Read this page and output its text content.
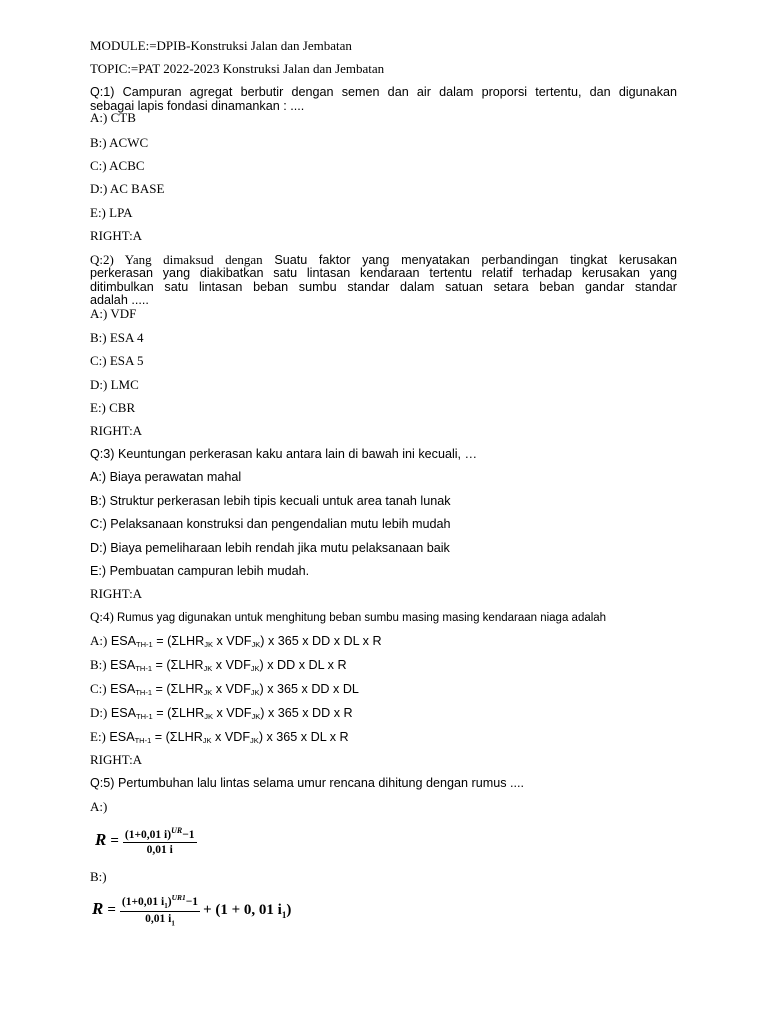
MODULE:=DPIB-Konstruksi Jalan dan Jembatan
TOPIC:=PAT 2022-2023 Konstruksi Jalan dan Jembatan
Q:1) Campuran agregat berbutir dengan semen dan air dalam proporsi tertentu, dan digunakan
sebagai lapis fondasi dinamankan : ....
A:) CTB
B:) ACWC
C:) ACBC
D:) AC BASE
E:) LPA
RIGHT:A
Q:2) Yang dimaksud dengan Suatu faktor yang menyatakan perbandingan tingkat kerusakan
perkerasan yang diakibatkan satu lintasan kendaraan tertentu relatif terhadap kerusakan yang
ditimbulkan satu lintasan beban sumbu standar dalam satuan setara beban gandar standar
adalah .....
A:) VDF
B:) ESA 4
C:) ESA 5
D:) LMC
E:) CBR
RIGHT:A
Q:3) Keuntungan perkerasan kaku antara lain di bawah ini kecuali, …
A:) Biaya perawatan mahal
B:) Struktur perkerasan lebih tipis kecuali untuk area tanah lunak
C:) Pelaksanaan konstruksi dan pengendalian mutu lebih mudah
D:) Biaya pemeliharaan lebih rendah jika mutu pelaksanaan baik
E:) Pembuatan campuran lebih mudah.
RIGHT:A
Q:4) Rumus yag digunakan untuk menghitung beban sumbu masing masing kendaraan niaga adalah
A:) $ESA_{TH-1} = (\Sigma LHR_{JK}$ x $VDF_{JK}$) x 365 x DD x DL x R
B:) $ESA_{TH-1} = (\Sigma LHR_{JK}$ x $VDF_{JK}$) x DD x DL x R
C:) $ESA_{TH-1} = (\Sigma LHR_{JK}$ x $VDF_{JK}$) x 365 x DD x DL
D:) $ESA_{TH-1} = (\Sigma LHR_{JK}$ x $VDF_{JK}$) x 365 x DD x R
E:) $ESA_{TH-1} = (\Sigma LHR_{JK}$ x $VDF_{JK}$) x 365 x DL x R
RIGHT:A
Q:5) Pertumbuhan lalu lintas selama umur rencana dihitung dengan rumus ....
A:)
$R = \frac{(1+0,01 i)^{UR}-1}{0,01 i}$
B:)
$R = \frac{(1+0,01 i_1)^{UR1}-1}{0,01 i_1} + (1 + 0$, 01 $i_1$)
